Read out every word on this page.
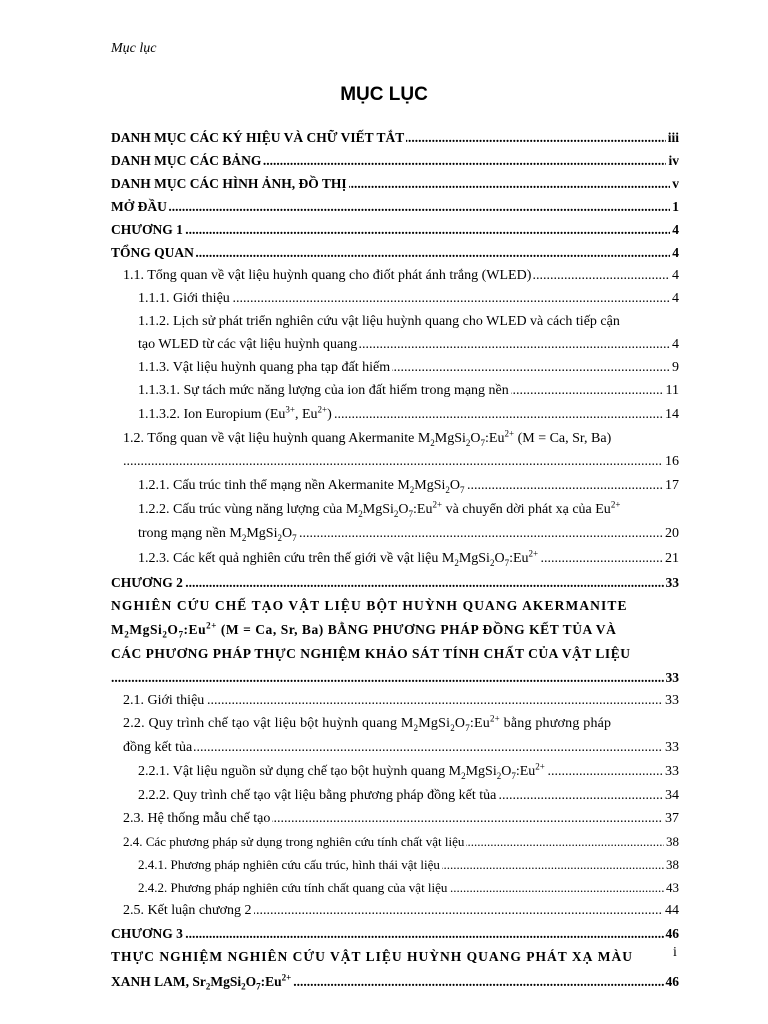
Mục lục
MỤC LỤC
.....
DANH MỤC CÁC KÝ HIỆU VÀ CHỮ VIẾT TẮT	iii
.....
DANH MỤC CÁC BẢNG	iv
.....
DANH MỤC CÁC HÌNH ẢNH, ĐỒ THỊ	v
.....
MỞ ĐẦU	1
.....
CHƯƠNG 1	4
.....
TỔNG QUAN	4
.....
1.1. Tổng quan về vật liệu huỳnh quang cho điốt phát ánh trắng (WLED)	4
.....
1.1.1. Giới thiệu	4
1.1.2. Lịch sử phát triển nghiên cứu vật liệu huỳnh quang cho WLED và cách tiếp cận
.....
tạo WLED từ các vật liệu huỳnh quang	4
.....
1.1.3. Vật liệu huỳnh quang pha tạp đất hiếm	9
.....
1.1.3.1. Sự tách mức năng lượng của ion đất hiếm trong mạng nền	11
.....
1.1.3.2. Ion Europium ($Eu^{3+}$, $Eu^{2+}$)	14
1.2. Tổng quan về vật liệu huỳnh quang Akermanite $M_2MgSi_2O_7:Eu^{2+}$ (M = Ca, Sr, Ba)
.....
16
.....
1.2.1. Cấu trúc tinh thể mạng nền Akermanite $M_2MgSi_2O_7$	17
1.2.2. Cấu trúc vùng năng lượng của $M_2MgSi_2O_7:Eu^{2+}$ và chuyển dời phát xạ của $Eu^{2+}$
.....
trong mạng nền $M_2MgSi_2O_7$	20
.....
1.2.3. Các kết quả nghiên cứu trên thế giới về vật liệu $M_2MgSi_2O_7:Eu^{2+}$	21
.....
CHƯƠNG 2	33
NGHIÊN CỨU CHẾ TẠO VẬT LIỆU BỘT HUỲNH QUANG AKERMANITE
$M_2MgSi_2O_7:Eu^{2+}$ (M = Ca, Sr, Ba) BẰNG PHƯƠNG PHÁP ĐỒNG KẾT TỦA VÀ
CÁC PHƯƠNG PHÁP THỰC NGHIỆM KHẢO SÁT TÍNH CHẤT CỦA VẬT LIỆU
.....
33
.....
2.1. Giới thiệu	33
2.2. Quy trình chế tạo vật liệu bột huỳnh quang $M_2MgSi_2O_7:Eu^{2+}$ bằng phương pháp
.....
đồng kết tủa	33
.....
2.2.1. Vật liệu nguồn sử dụng chế tạo bột huỳnh quang $M_2MgSi_2O_7:Eu^{2+}$	33
.....
2.2.2. Quy trình chế tạo vật liệu bằng phương pháp đồng kết tủa	34
.....
2.3. Hệ thống mẫu chế tạo	37
.....
2.4. Các phương pháp sử dụng trong nghiên cứu tính chất vật liệu	38
.....
2.4.1. Phương pháp nghiên cứu cấu trúc, hình thái vật liệu	38
.....
2.4.2. Phương pháp nghiên cứu tính chất quang của vật liệu	43
.....
2.5. Kết luận chương 2	44
.....
CHƯƠNG 3	46
THỰC NGHIỆM NGHIÊN CỨU VẬT LIỆU HUỲNH QUANG PHÁT XẠ MÀU
.....
XANH LAM, $Sr_2MgSi_2O_7:Eu^{2+}$	46
i
